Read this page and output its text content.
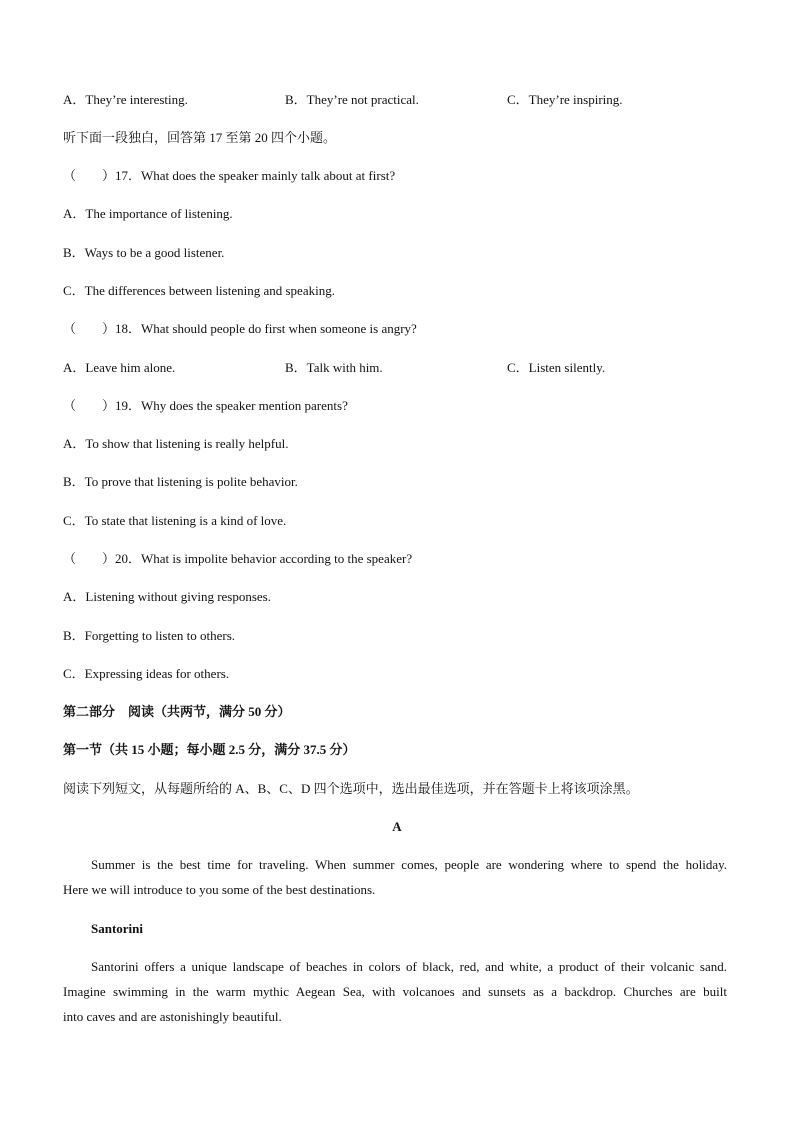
A．They’re interesting.	B．They’re not practical.	C．They’re inspiring.
听下面一段独白，回答第 17 至第 20 四个小题。
（　　）17．What does the speaker mainly talk about at first?
A．The importance of listening.
B．Ways to be a good listener.
C．The differences between listening and speaking.
（　　）18．What should people do first when someone is angry?
A．Leave him alone.	B．Talk with him.	C．Listen silently.
（　　）19．Why does the speaker mention parents?
A．To show that listening is really helpful.
B．To prove that listening is polite behavior.
C．To state that listening is a kind of love.
（　　）20．What is impolite behavior according to the speaker?
A．Listening without giving responses.
B．Forgetting to listen to others.
C．Expressing ideas for others.
第二部分　阅读（共两节，满分 50 分）
第一节（共 15 小题；每小题 2.5 分，满分 37.5 分）
阅读下列短文，从每题所给的 A、B、C、D 四个选项中，选出最佳选项，并在答题卡上将该项涂黑。
A
Summer is the best time for traveling. When summer comes, people are wondering where to spend the holiday.
Here we will introduce to you some of the best destinations.
Santorini
Santorini offers a unique landscape of beaches in colors of black, red, and white, a product of their volcanic sand.
Imagine swimming in the warm mythic Aegean Sea, with volcanoes and sunsets as a backdrop. Churches are built
into caves and are astonishingly beautiful.
